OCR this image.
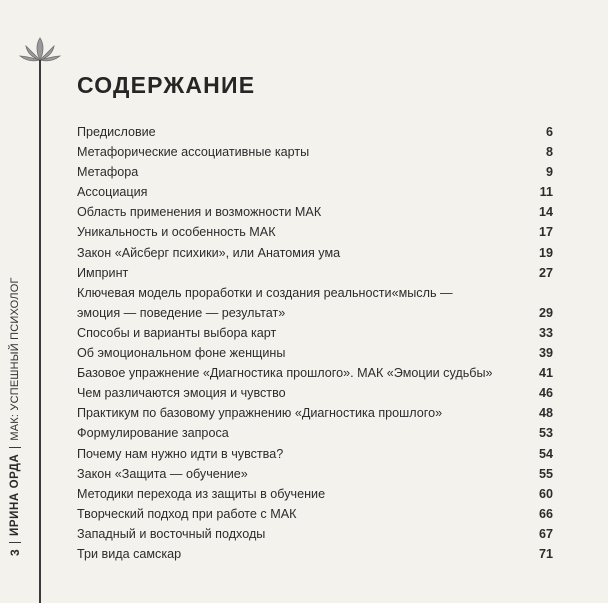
3
ИРИНА ОРДА
МАК: УСПЕШНЫЙ ПСИХОЛОГ
СОДЕРЖАНИЕ
Предисловие	6
Метафорические ассоциативные карты	8
Метафора	9
Ассоциация	11
Область применения и возможности МАК	14
Уникальность и особенность МАК	17
Закон «Айсберг психики», или Анатомия ума	19
Импринт	27
Ключевая модель проработки и создания реальности«мысль —
эмоция — поведение — результат»	29
Способы и варианты выбора карт	33
Об эмоциональном фоне женщины	39
Базовое упражнение «Диагностика прошлого». МАК «Эмоции судьбы»	41
Чем различаются эмоция и чувство	46
Практикум по базовому упражнению «Диагностика прошлого»	48
Формулирование запроса	53
Почему нам нужно идти в чувства?	54
Закон «Защита — обучение»	55
Методики перехода из защиты в обучение	60
Творческий подход при работе с МАК	66
Западный и восточный подходы	67
Три вида самскар	71
